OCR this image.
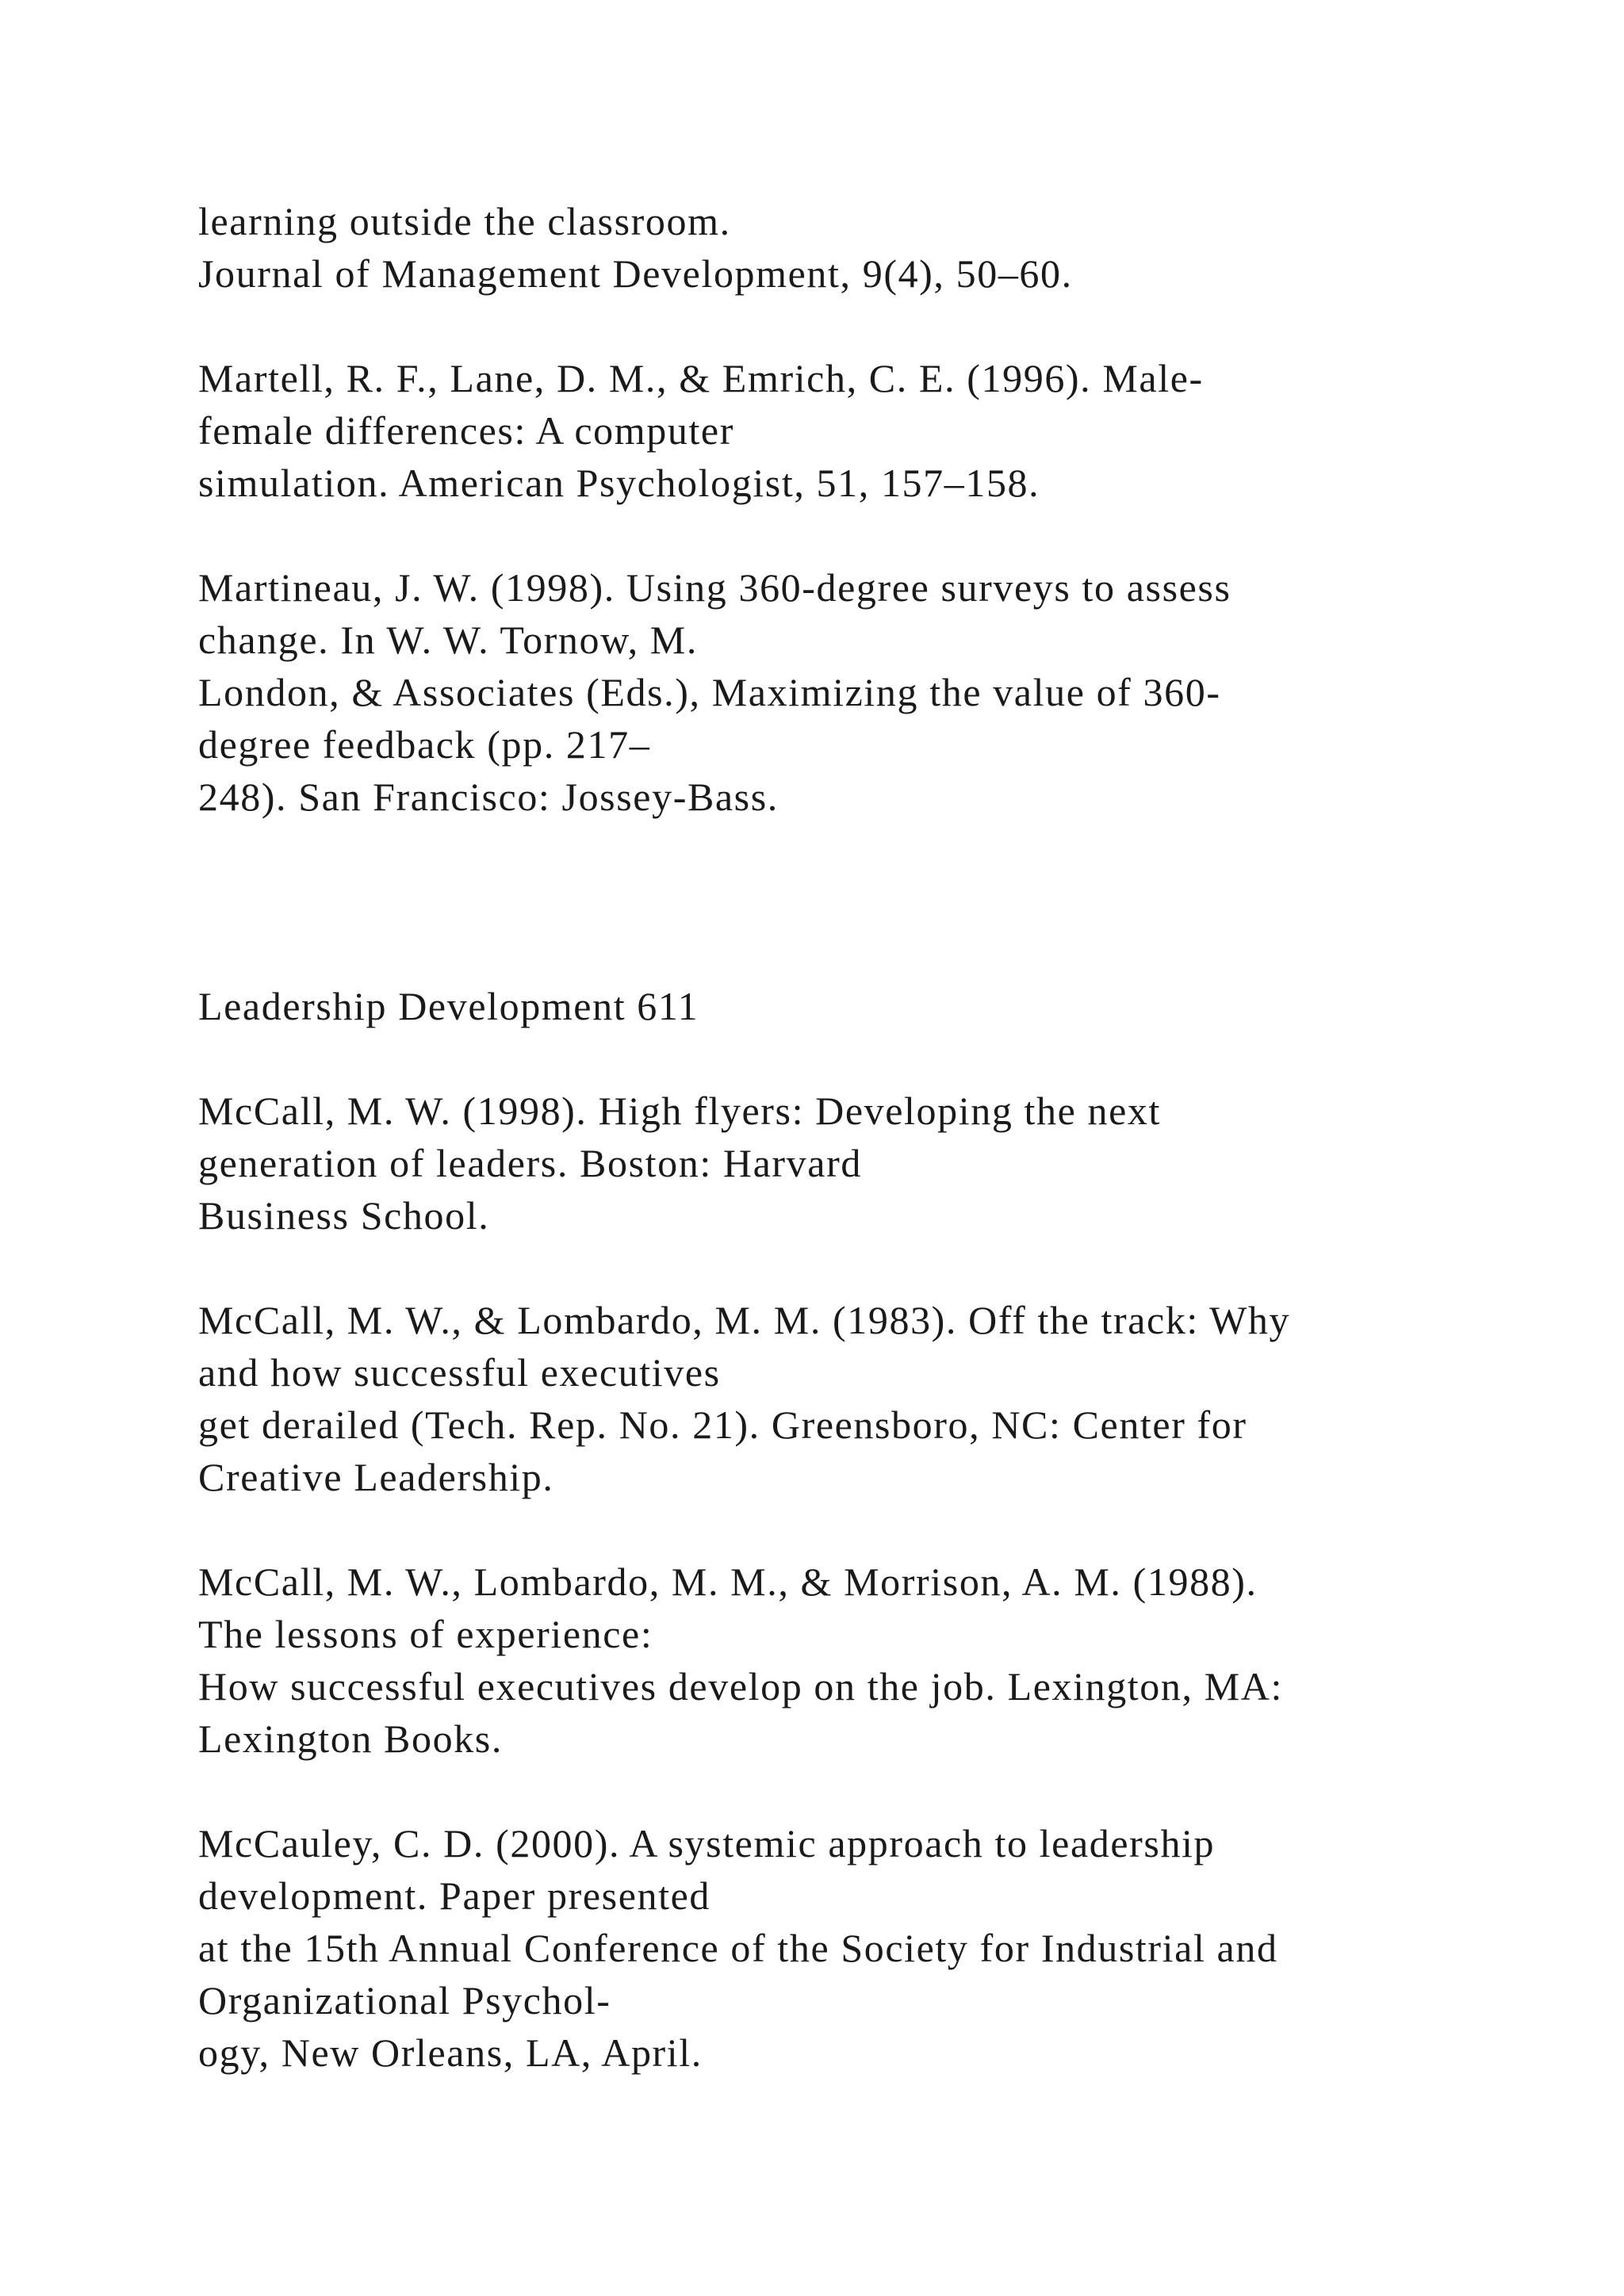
learning outside the classroom.
Journal of Management Development, 9(4), 50–60.
Martell, R. F., Lane, D. M., & Emrich, C. E. (1996). Male-
female differences: A computer
simulation. American Psychologist, 51, 157–158.
Martineau, J. W. (1998). Using 360-degree surveys to assess
change. In W. W. Tornow, M.
London, & Associates (Eds.), Maximizing the value of 360-
degree feedback (pp. 217–
248). San Francisco: Jossey-Bass.
Leadership Development 611
McCall, M. W. (1998). High flyers: Developing the next
generation of leaders. Boston: Harvard
Business School.
McCall, M. W., & Lombardo, M. M. (1983). Off the track: Why
and how successful executives
get derailed (Tech. Rep. No. 21). Greensboro, NC: Center for
Creative Leadership.
McCall, M. W., Lombardo, M. M., & Morrison, A. M. (1988).
The lessons of experience:
How successful executives develop on the job. Lexington, MA:
Lexington Books.
McCauley, C. D. (2000). A systemic approach to leadership
development. Paper presented
at the 15th Annual Conference of the Society for Industrial and
Organizational Psychol-
ogy, New Orleans, LA, April.
